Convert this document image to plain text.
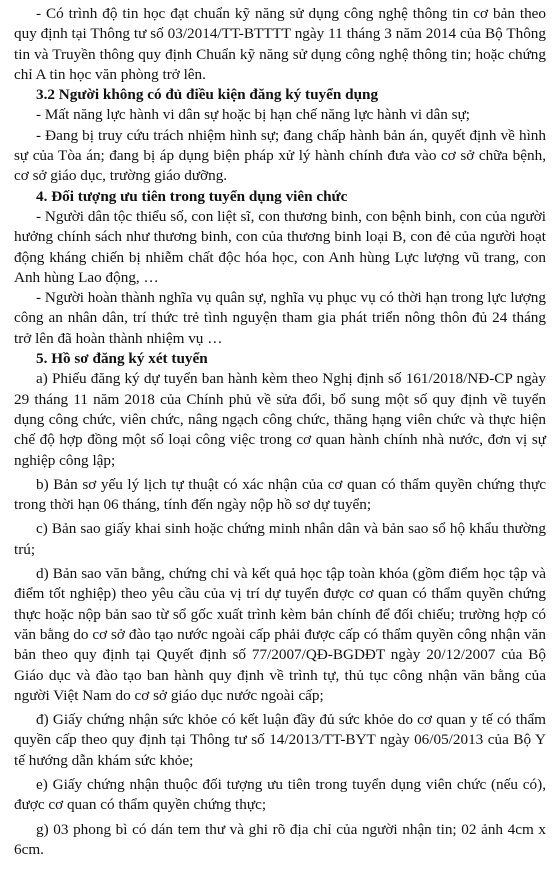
- Có trình độ tin học đạt chuẩn kỹ năng sử dụng công nghệ thông tin cơ bản theo quy định tại Thông tư số 03/2014/TT-BTTTT ngày 11 tháng 3 năm 2014 của Bộ Thông tin và Truyền thông quy định Chuẩn kỹ năng sử dụng công nghệ thông tin; hoặc chứng chỉ A tin học văn phòng trở lên.

3.2 Người không có đủ điều kiện đăng ký tuyển dụng

- Mất năng lực hành vi dân sự hoặc bị hạn chế năng lực hành vi dân sự;

- Đang bị truy cứu trách nhiệm hình sự; đang chấp hành bản án, quyết định về hình sự của Tòa án; đang bị áp dụng biện pháp xử lý hành chính đưa vào cơ sở chữa bệnh, cơ sở giáo dục, trường giáo dưỡng.

4. Đối tượng ưu tiên trong tuyển dụng viên chức

- Người dân tộc thiểu số, con liệt sĩ, con thương binh, con bệnh binh, con của người hưởng chính sách như thương binh, con của thương binh loại B, con đẻ của người hoạt động kháng chiến bị nhiễm chất độc hóa học, con Anh hùng Lực lượng vũ trang, con Anh hùng Lao động, …

- Người hoàn thành nghĩa vụ quân sự, nghĩa vụ phục vụ có thời hạn trong lực lượng công an nhân dân, trí thức trẻ tình nguyện tham gia phát triển nông thôn đủ 24 tháng trở lên đã hoàn thành nhiệm vụ …

5. Hồ sơ đăng ký xét tuyển

a) Phiếu đăng ký dự tuyển ban hành kèm theo Nghị định số 161/2018/NĐ-CP ngày 29 tháng 11 năm 2018 của Chính phủ về sửa đổi, bổ sung một số quy định về tuyển dụng công chức, viên chức, nâng ngạch công chức, thăng hạng viên chức và thực hiện chế độ hợp đồng một số loại công việc trong cơ quan hành chính nhà nước, đơn vị sự nghiệp công lập;

b) Bản sơ yếu lý lịch tự thuật có xác nhận của cơ quan có thẩm quyền chứng thực trong thời hạn 06 tháng, tính đến ngày nộp hồ sơ dự tuyển;

c) Bản sao giấy khai sinh hoặc chứng minh nhân dân và bản sao sổ hộ khẩu thường trú;

d) Bản sao văn bằng, chứng chỉ và kết quả học tập toàn khóa (gồm điểm học tập và điểm tốt nghiệp) theo yêu cầu của vị trí dự tuyển được cơ quan có thẩm quyền chứng thực hoặc nộp bản sao từ sổ gốc xuất trình kèm bản chính để đối chiếu; trường hợp có văn bằng do cơ sở đào tạo nước ngoài cấp phải được cấp có thẩm quyền công nhận văn bản theo quy định tại Quyết định số 77/2007/QĐ-BGDĐT ngày 20/12/2007 của Bộ Giáo dục và đào tạo ban hành quy định về trình tự, thủ tục công nhận văn bằng của người Việt Nam do cơ sở giáo dục nước ngoài cấp;

đ) Giấy chứng nhận sức khỏe có kết luận đầy đủ sức khỏe do cơ quan y tế có thẩm quyền cấp theo quy định tại Thông tư số 14/2013/TT-BYT ngày 06/05/2013 của Bộ Y tế hướng dẫn khám sức khỏe;

e) Giấy chứng nhận thuộc đối tượng ưu tiên trong tuyển dụng viên chức (nếu có), được cơ quan có thẩm quyền chứng thực;

g) 03 phong bì có dán tem thư và ghi rõ địa chỉ của người nhận tin; 02 ảnh 4cm x 6cm.
